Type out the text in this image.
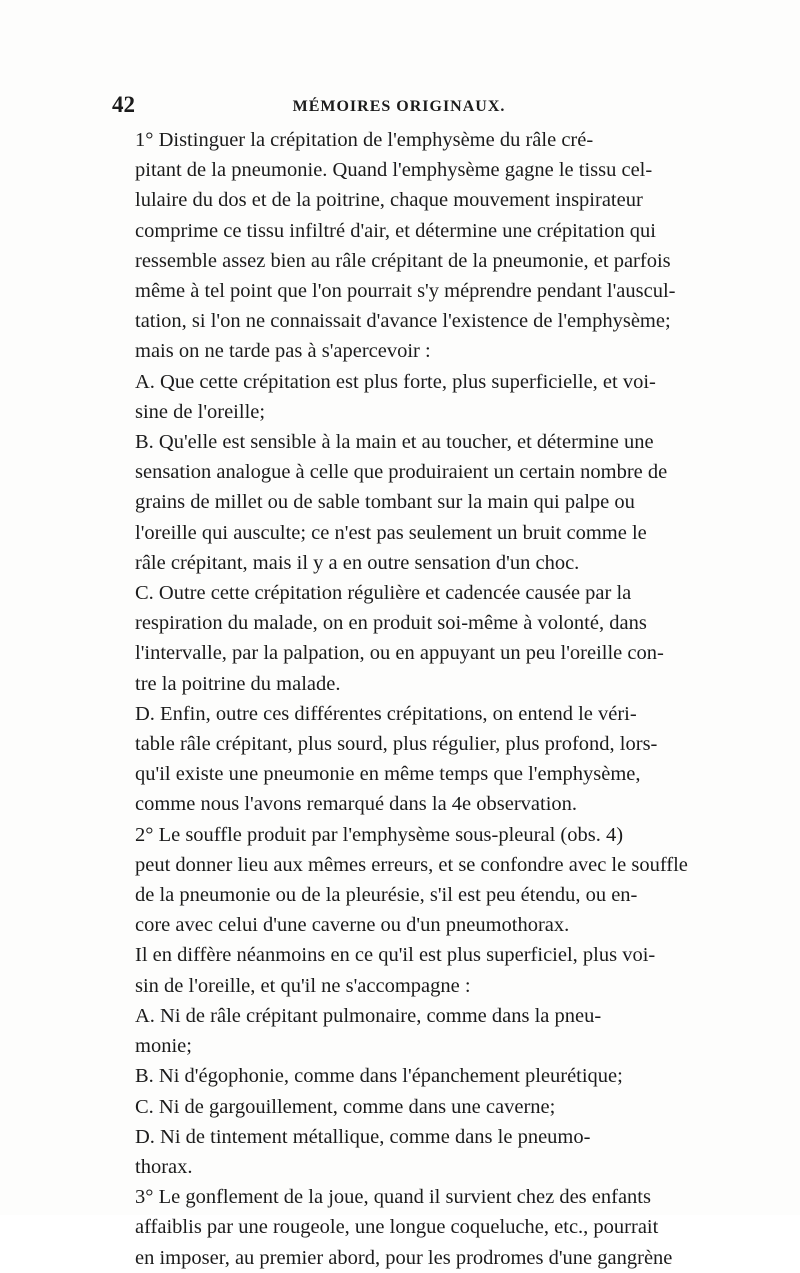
42	MÉMOIRES ORIGINAUX.

1° Distinguer la crépitation de l'emphysème du râle cré-
pitant de la pneumonie. Quand l'emphysème gagne le tissu cel-
lulaire du dos et de la poitrine, chaque mouvement inspirateur
comprime ce tissu infiltré d'air, et détermine une crépitation qui
ressemble assez bien au râle crépitant de la pneumonie, et parfois
même à tel point que l'on pourrait s'y méprendre pendant l'auscul-
tation, si l'on ne connaissait d'avance l'existence de l'emphysème;
mais on ne tarde pas à s'apercevoir :

A. Que cette crépitation est plus forte, plus superficielle, et voi-
sine de l'oreille;

B. Qu'elle est sensible à la main et au toucher, et détermine une
sensation analogue à celle que produiraient un certain nombre de
grains de millet ou de sable tombant sur la main qui palpe ou
l'oreille qui ausculte; ce n'est pas seulement un bruit comme le
râle crépitant, mais il y a en outre sensation d'un choc.

C. Outre cette crépitation régulière et cadencée causée par la
respiration du malade, on en produit soi-même à volonté, dans
l'intervalle, par la palpation, ou en appuyant un peu l'oreille con-
tre la poitrine du malade.

D. Enfin, outre ces différentes crépitations, on entend le véri-
table râle crépitant, plus sourd, plus régulier, plus profond, lors-
qu'il existe une pneumonie en même temps que l'emphysème,
comme nous l'avons remarqué dans la 4e observation.

2° Le souffle produit par l'emphysème sous-pleural (obs. 4)
peut donner lieu aux mêmes erreurs, et se confondre avec le souffle
de la pneumonie ou de la pleurésie, s'il est peu étendu, ou en-
core avec celui d'une caverne ou d'un pneumothorax.

Il en diffère néanmoins en ce qu'il est plus superficiel, plus voi-
sin de l'oreille, et qu'il ne s'accompagne :

A. Ni de râle crépitant pulmonaire, comme dans la pneu-
monie;

B. Ni d'égophonie, comme dans l'épanchement pleurétique;

C. Ni de gargouillement, comme dans une caverne;

D. Ni de tintement métallique, comme dans le pneumo-
thorax.

3° Le gonflement de la joue, quand il survient chez des enfants
affaiblis par une rougeole, une longue coqueluche, etc., pourrait
en imposer, au premier abord, pour les prodromes d'une gangrène
